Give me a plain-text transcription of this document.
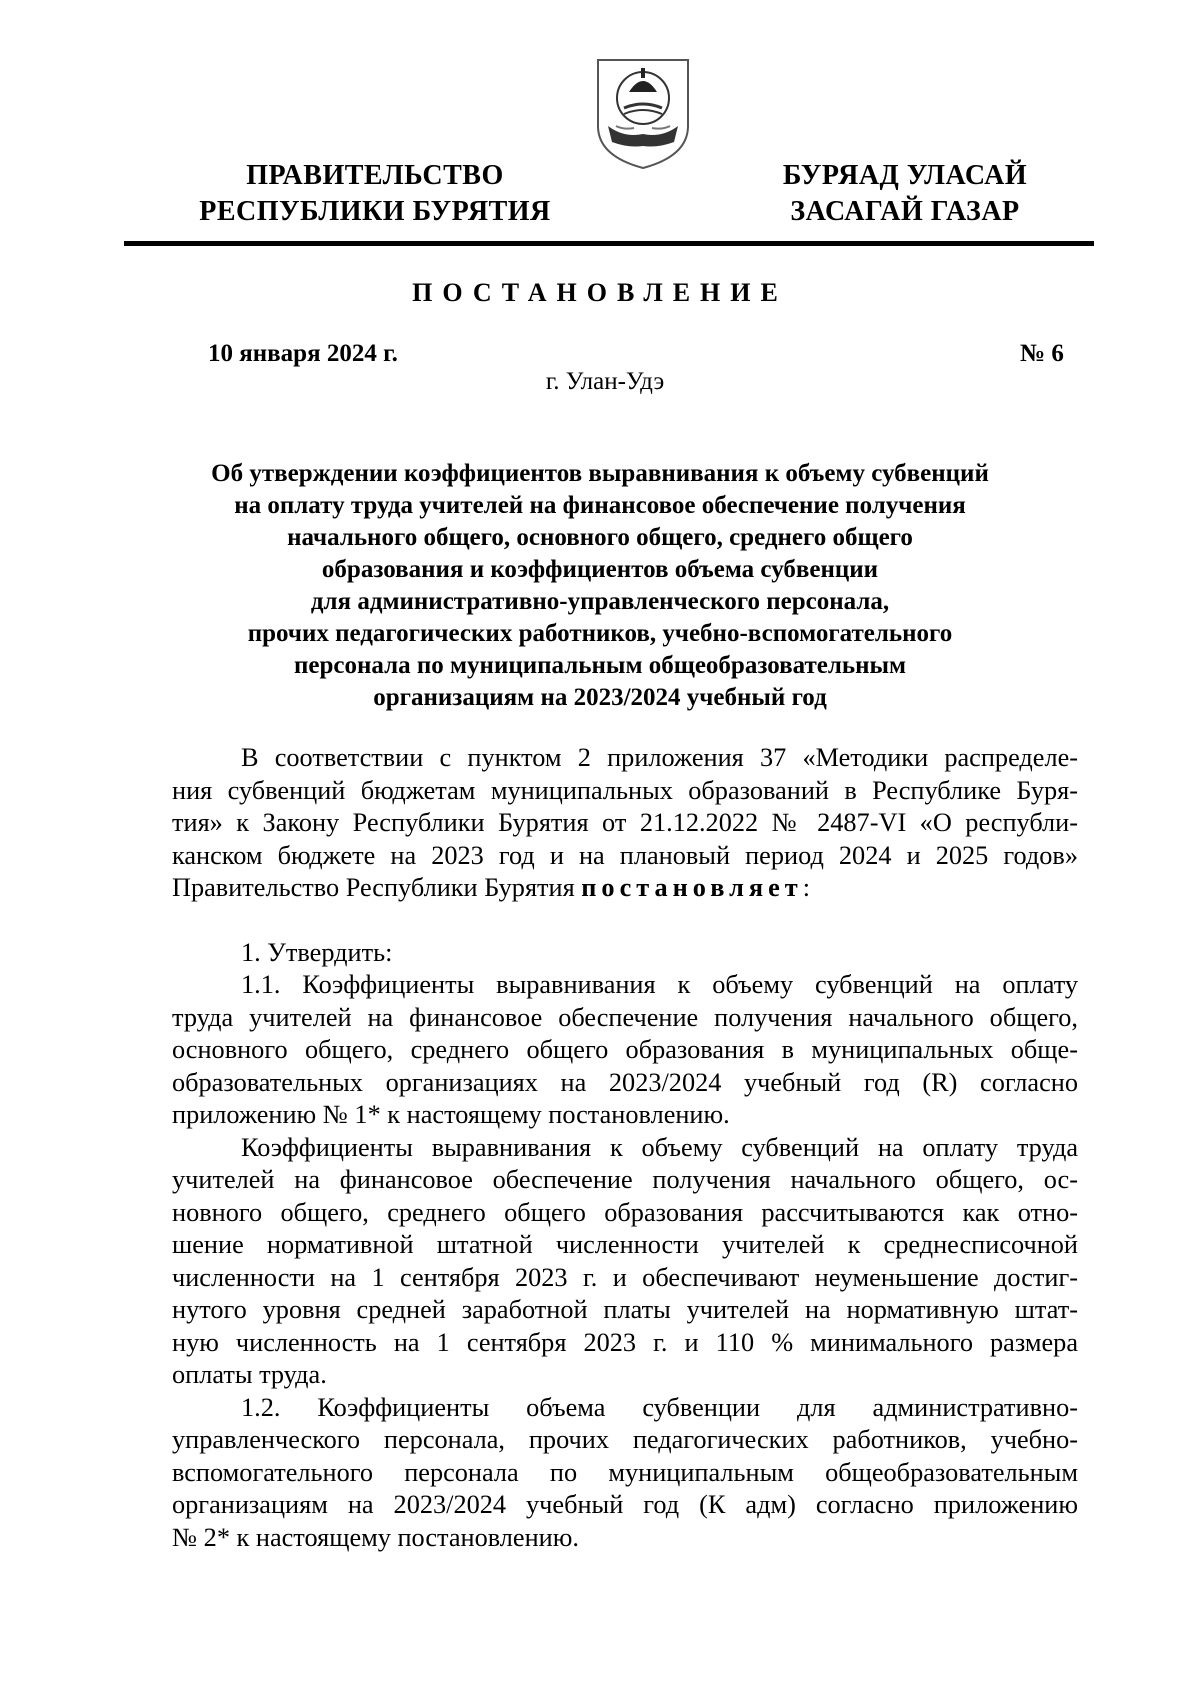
ПРАВИТЕЛЬСТВО
РЕСПУБЛИКИ БУРЯТИЯ
БУРЯАД УЛАСАЙ
ЗАСАГАЙ ГАЗАР
ПОСТАНОВЛЕНИЕ
10 января 2024 г.	№ 6
г. Улан-Удэ
Об утверждении коэффициентов выравнивания к объему субвенций
на оплату труда учителей на финансовое обеспечение получения
начального общего, основного общего, среднего общего
образования и коэффициентов объема субвенции
для административно-управленческого персонала,
прочих педагогических работников, учебно-вспомогательного
персонала по муниципальным общеобразовательным
организациям на 2023/2024 учебный год

В соответствии с пунктом 2 приложения 37 «Методики распределе-
ния субвенций бюджетам муниципальных образований в Республике Буря-
тия» к Закону Республики Бурятия от 21.12.2022 № 2487-VI «О республи-
канском бюджете на 2023 год и на плановый период 2024 и 2025 годов»
Правительство Республики Бурятия постановляет:

1. Утвердить:

1.1. Коэффициенты выравнивания к объему субвенций на оплату
труда учителей на финансовое обеспечение получения начального общего,
основного общего, среднего общего образования в муниципальных обще-
образовательных организациях на 2023/2024 учебный год (R) согласно
приложению № 1* к настоящему постановлению.

Коэффициенты выравнивания к объему субвенций на оплату труда
учителей на финансовое обеспечение получения начального общего, ос-
новного общего, среднего общего образования рассчитываются как отно-
шение нормативной штатной численности учителей к среднесписочной
численности на 1 сентября 2023 г. и обеспечивают неуменьшение достиг-
нутого уровня средней заработной платы учителей на нормативную штат-
ную численность на 1 сентября 2023 г. и 110 % минимального размера
оплаты труда.

1.2. Коэффициенты объема субвенции для административно-
управленческого персонала, прочих педагогических работников, учебно-
вспомогательного персонала по муниципальным общеобразовательным
организациям на 2023/2024 учебный год (К адм) согласно приложению
№ 2* к настоящему постановлению.
